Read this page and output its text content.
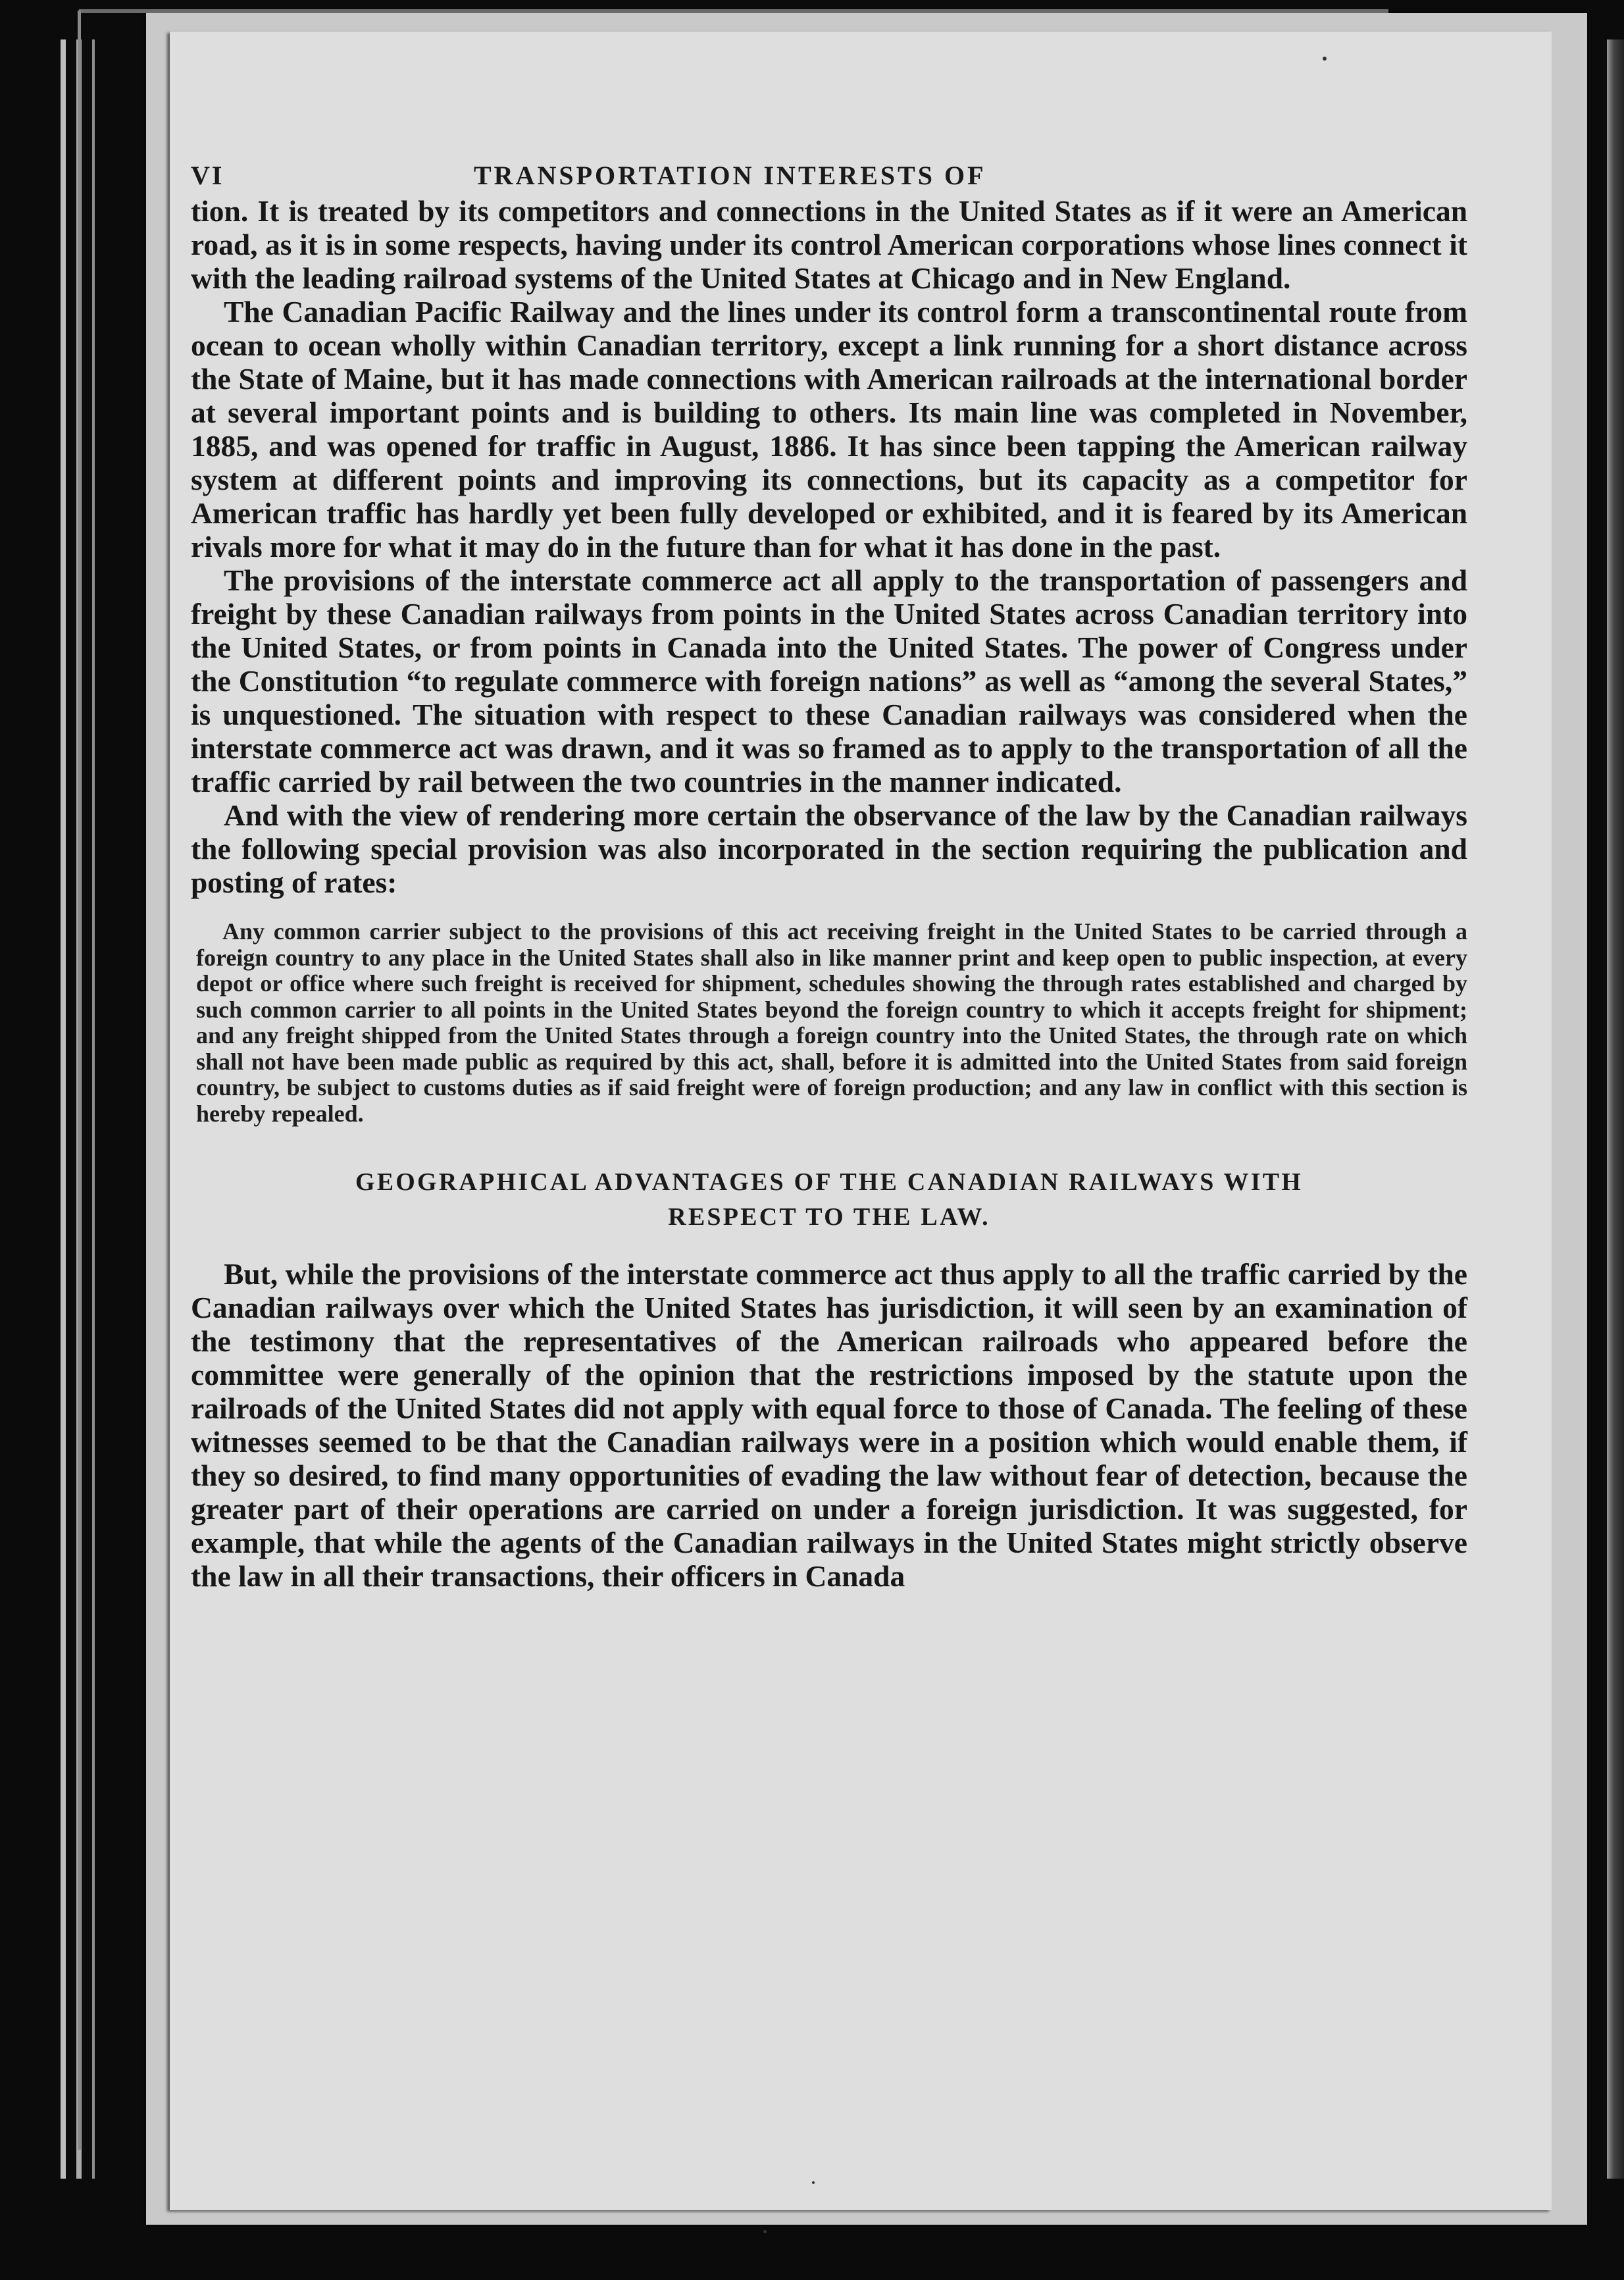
VI	TRANSPORTATION INTERESTS OF

tion. It is treated by its competitors and connections in the United States as if it were an American road, as it is in some respects, having under its control American corporations whose lines connect it with the leading railroad systems of the United States at Chicago and in New England.

The Canadian Pacific Railway and the lines under its control form a transcontinental route from ocean to ocean wholly within Canadian territory, except a link running for a short distance across the State of Maine, but it has made connections with American railroads at the international border at several important points and is building to others. Its main line was completed in November, 1885, and was opened for traffic in August, 1886. It has since been tapping the American railway system at different points and improving its connections, but its capacity as a competitor for American traffic has hardly yet been fully developed or exhibited, and it is feared by its American rivals more for what it may do in the future than for what it has done in the past.

The provisions of the interstate commerce act all apply to the transportation of passengers and freight by these Canadian railways from points in the United States across Canadian territory into the United States, or from points in Canada into the United States. The power of Congress under the Constitution “to regulate commerce with foreign nations” as well as “among the several States,” is unquestioned. The situation with respect to these Canadian railways was considered when the interstate commerce act was drawn, and it was so framed as to apply to the transportation of all the traffic carried by rail between the two countries in the manner indicated.

And with the view of rendering more certain the observance of the law by the Canadian railways the following special provision was also incorporated in the section requiring the publication and posting of rates:

Any common carrier subject to the provisions of this act receiving freight in the United States to be carried through a foreign country to any place in the United States shall also in like manner print and keep open to public inspection, at every depot or office where such freight is received for shipment, schedules showing the through rates established and charged by such common carrier to all points in the United States beyond the foreign country to which it accepts freight for shipment; and any freight shipped from the United States through a foreign country into the United States, the through rate on which shall not have been made public as required by this act, shall, before it is admitted into the United States from said foreign country, be subject to customs duties as if said freight were of foreign production; and any law in conflict with this section is hereby repealed.

GEOGRAPHICAL ADVANTAGES OF THE CANADIAN RAILWAYS WITH
RESPECT TO THE LAW.

But, while the provisions of the interstate commerce act thus apply to all the traffic carried by the Canadian railways over which the United States has jurisdiction, it will seen by an examination of the testimony that the representatives of the American railroads who appeared before the committee were generally of the opinion that the restrictions imposed by the statute upon the railroads of the United States did not apply with equal force to those of Canada. The feeling of these witnesses seemed to be that the Canadian railways were in a position which would enable them, if they so desired, to find many opportunities of evading the law without fear of detection, because the greater part of their operations are carried on under a foreign jurisdiction. It was suggested, for example, that while the agents of the Canadian railways in the United States might strictly observe the law in all their transactions, their officers in Canada
